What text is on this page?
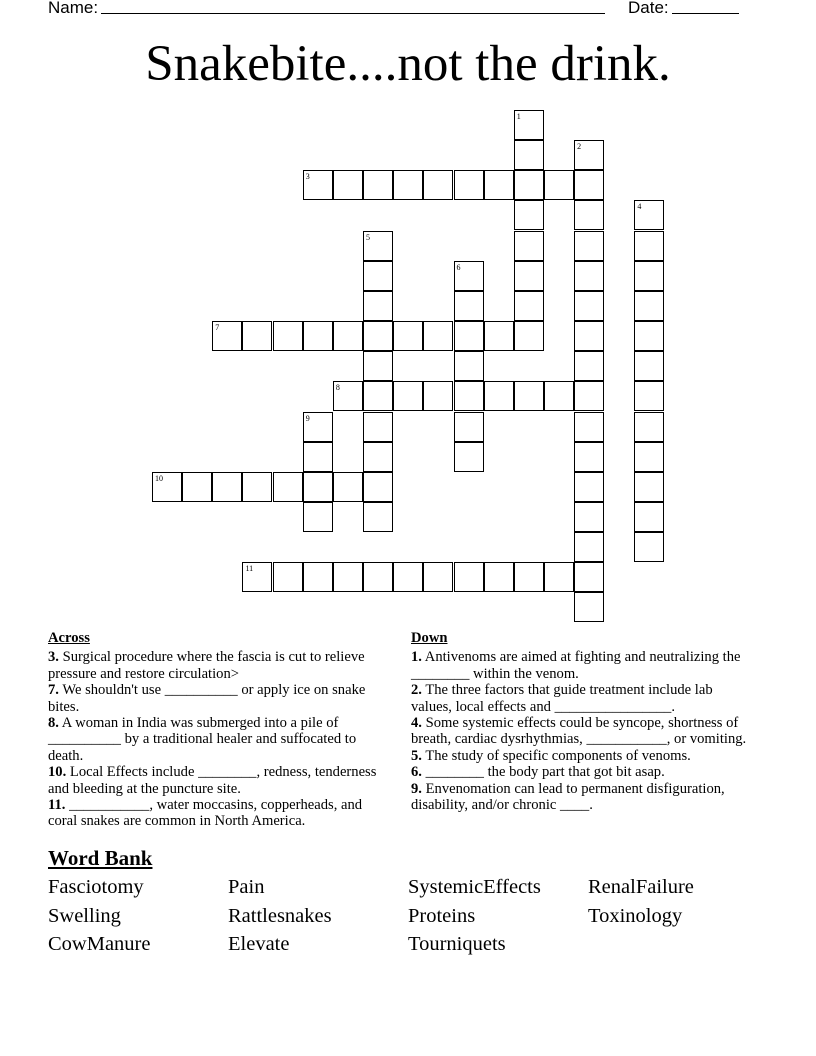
Name:	Date:
Snakebite....not the drink.
1
2
3
4
5
6
7
8
9
10
11
Across

3. Surgical procedure where the fascia is cut to relieve pressure and restore circulation>

7. We shouldn't use __________ or apply ice on snake bites.

8. A woman in India was submerged into a pile of __________ by a traditional healer and suffocated to death.

10. Local Effects include ________, redness, tenderness and bleeding at the puncture site.

11. ___________, water moccasins, copperheads, and coral snakes are common in North America.

Down

1. Antivenoms are aimed at fighting and neutralizing the ________ within the venom.

2. The three factors that guide treatment include lab values, local effects and ________________.

4. Some systemic effects could be syncope, shortness of breath, cardiac dysrhythmias, ___________, or vomiting.

5. The study of specific components of venoms.

6. ________ the body part that got bit asap.

9. Envenomation can lead to permanent disfiguration, disability, and/or chronic ____.

Word Bank
Fasciotomy	Pain	SystemicEffects	RenalFailure
Swelling	Rattlesnakes	Proteins	Toxinology
CowManure	Elevate	Tourniquets
